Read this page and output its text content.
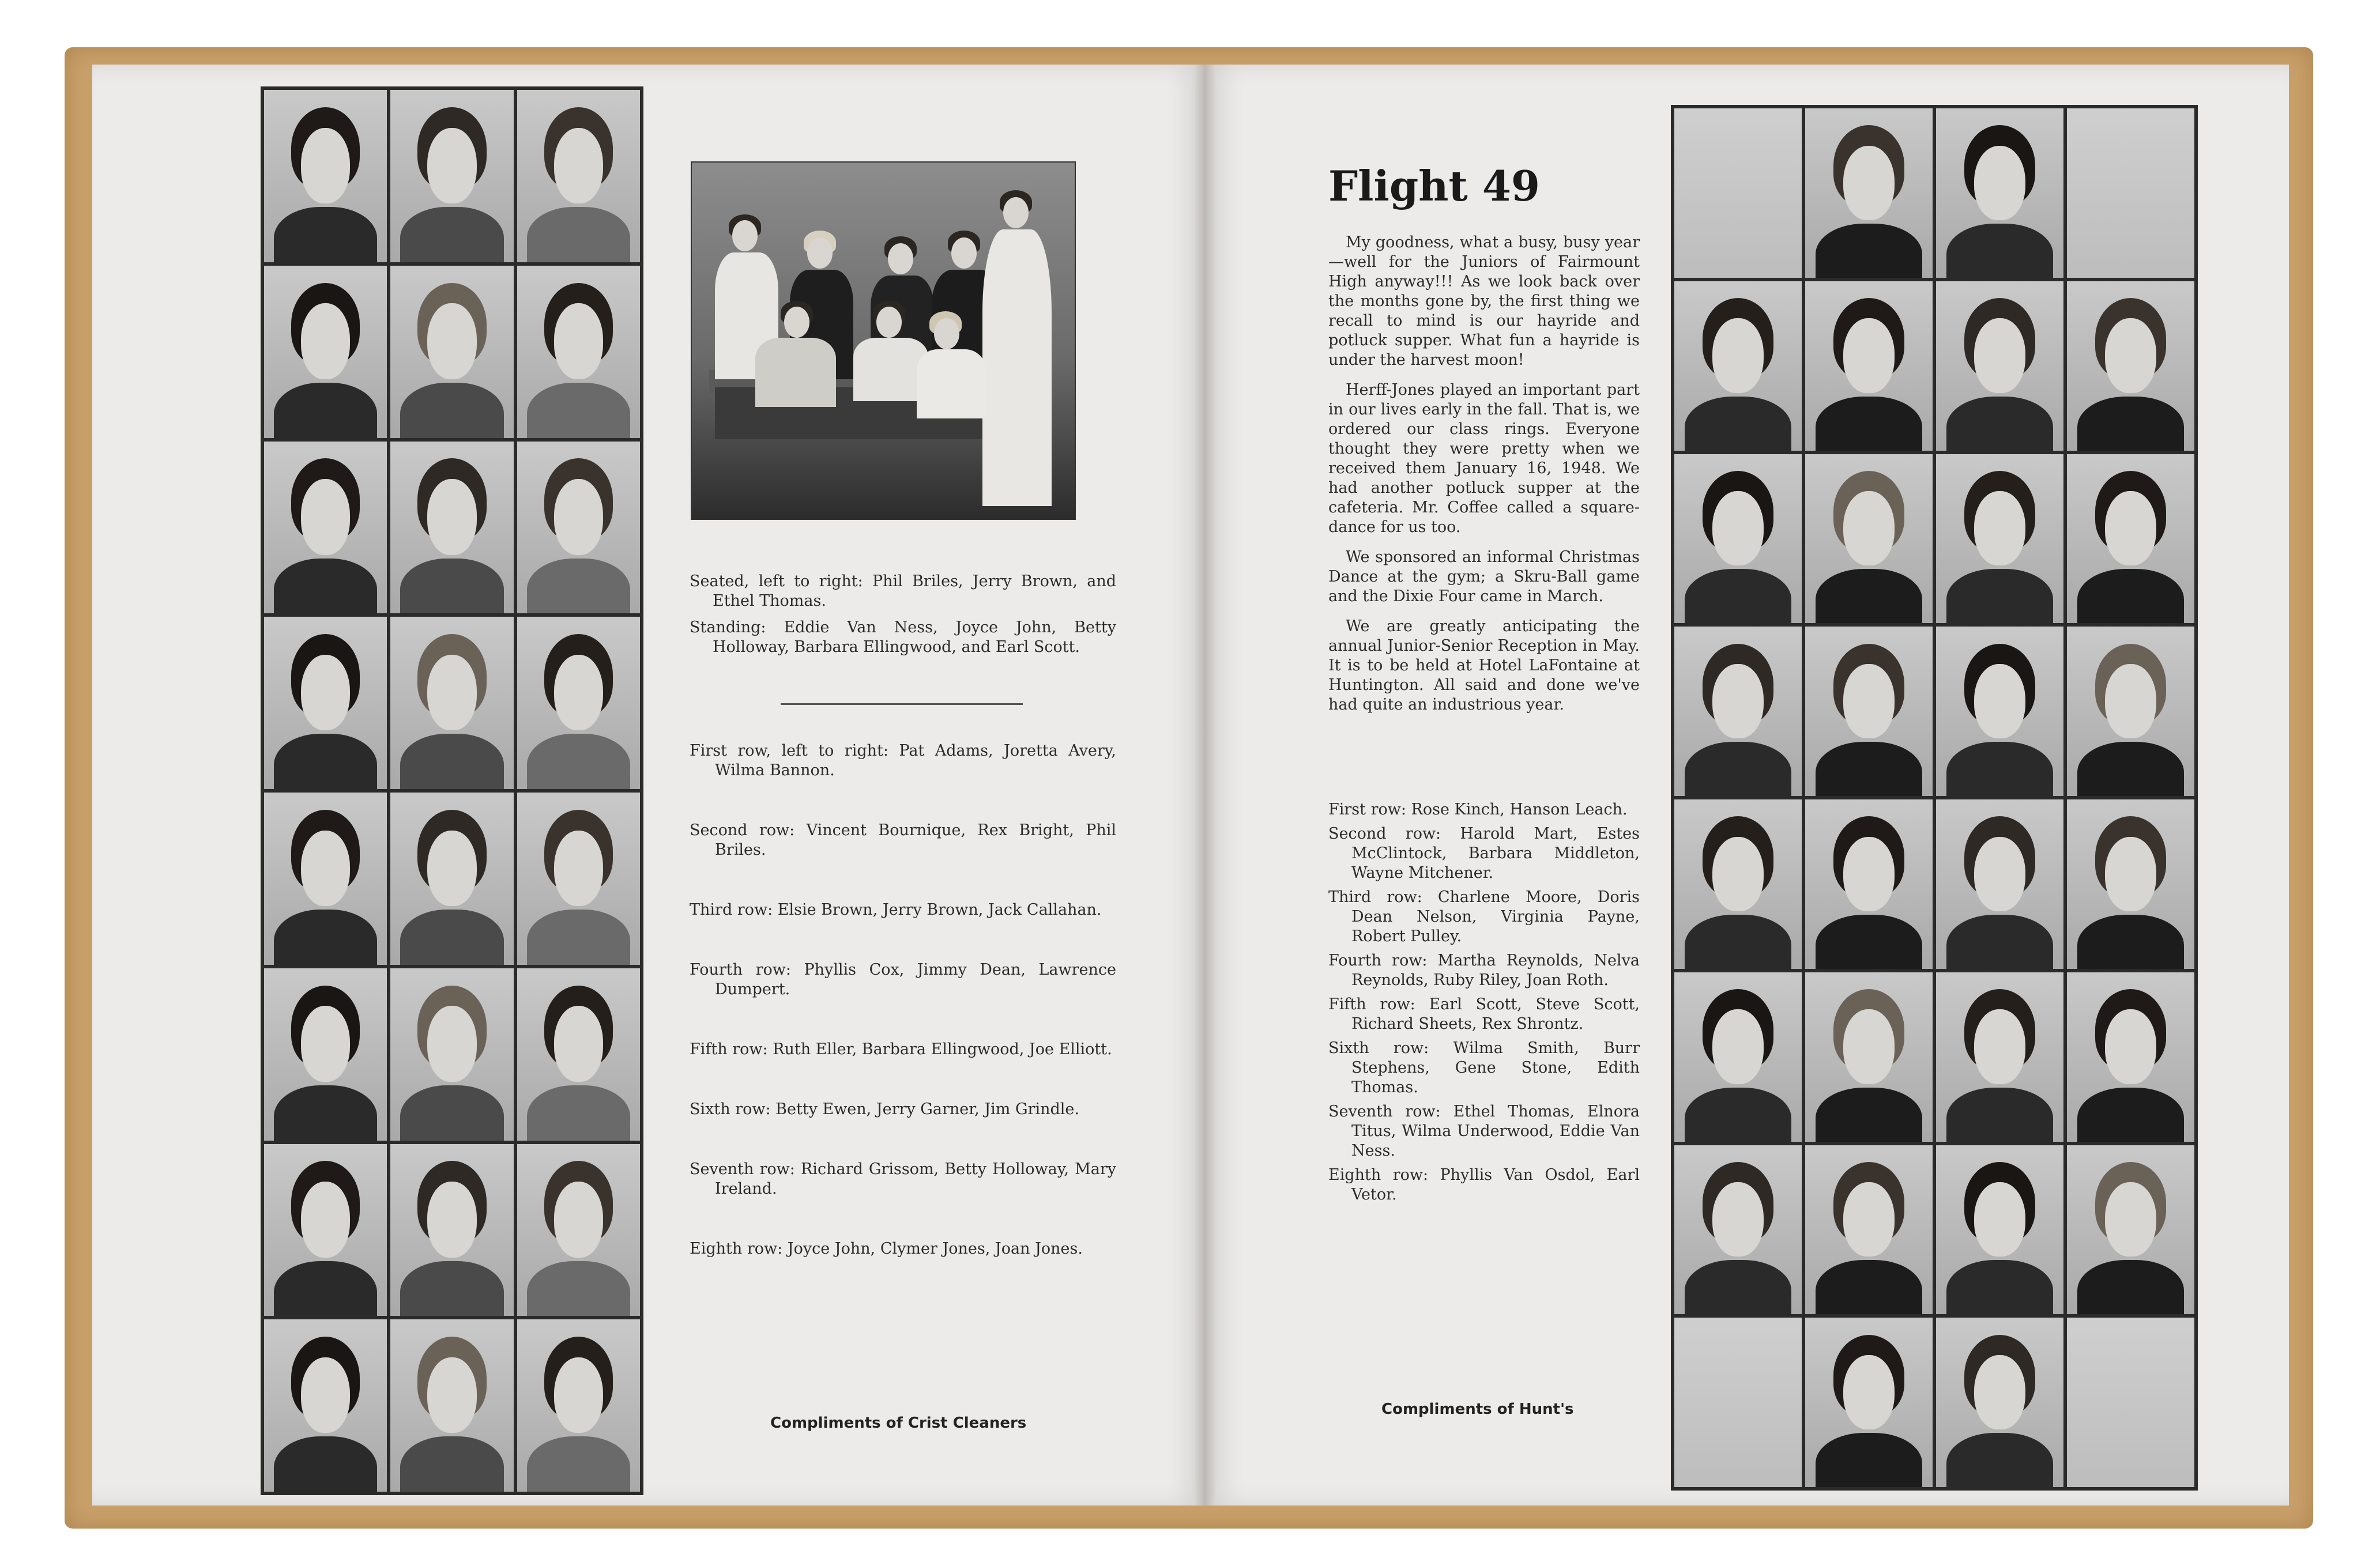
Seated, left to right: Phil Briles, Jerry Brown, and Ethel Thomas.

Standing: Eddie Van Ness, Joyce John, Betty Holloway, Barbara Ellingwood, and Earl Scott.

First row, left to right: Pat Adams, Joretta Avery, Wilma Bannon.

Second row: Vincent Bournique, Rex Bright, Phil Briles.

Third row: Elsie Brown, Jerry Brown, Jack Callahan.

Fourth row: Phyllis Cox, Jimmy Dean, Lawrence Dumpert.

Fifth row: Ruth Eller, Barbara Ellingwood, Joe Elliott.

Sixth row: Betty Ewen, Jerry Garner, Jim Grindle.

Seventh row: Richard Grissom, Betty Holloway, Mary Ireland.

Eighth row: Joyce John, Clymer Jones, Joan Jones.

Compliments of Crist Cleaners
Flight 49

My goodness, what a busy, busy year—well for the Juniors of Fairmount High anyway!!! As we look back over the months gone by, the first thing we recall to mind is our hayride and potluck supper. What fun a hayride is under the harvest moon!

Herff-Jones played an important part in our lives early in the fall. That is, we ordered our class rings. Everyone thought they were pretty when we received them January 16, 1948. We had another potluck supper at the cafeteria. Mr. Coffee called a square-dance for us too.

We sponsored an informal Christmas Dance at the gym; a Skru-Ball game and the Dixie Four came in March.

We are greatly anticipating the annual Junior-Senior Reception in May. It is to be held at Hotel LaFontaine at Huntington. All said and done we've had quite an industrious year.

First row: Rose Kinch, Hanson Leach.

Second row: Harold Mart, Estes McClintock, Barbara Middleton, Wayne Mitchener.

Third row: Charlene Moore, Doris Dean Nelson, Virginia Payne, Robert Pulley.

Fourth row: Martha Reynolds, Nelva Reynolds, Ruby Riley, Joan Roth.

Fifth row: Earl Scott, Steve Scott, Richard Sheets, Rex Shrontz.

Sixth row: Wilma Smith, Burr Stephens, Gene Stone, Edith Thomas.

Seventh row: Ethel Thomas, Elnora Titus, Wilma Underwood, Eddie Van Ness.

Eighth row: Phyllis Van Osdol, Earl Vetor.

Compliments of Hunt's
